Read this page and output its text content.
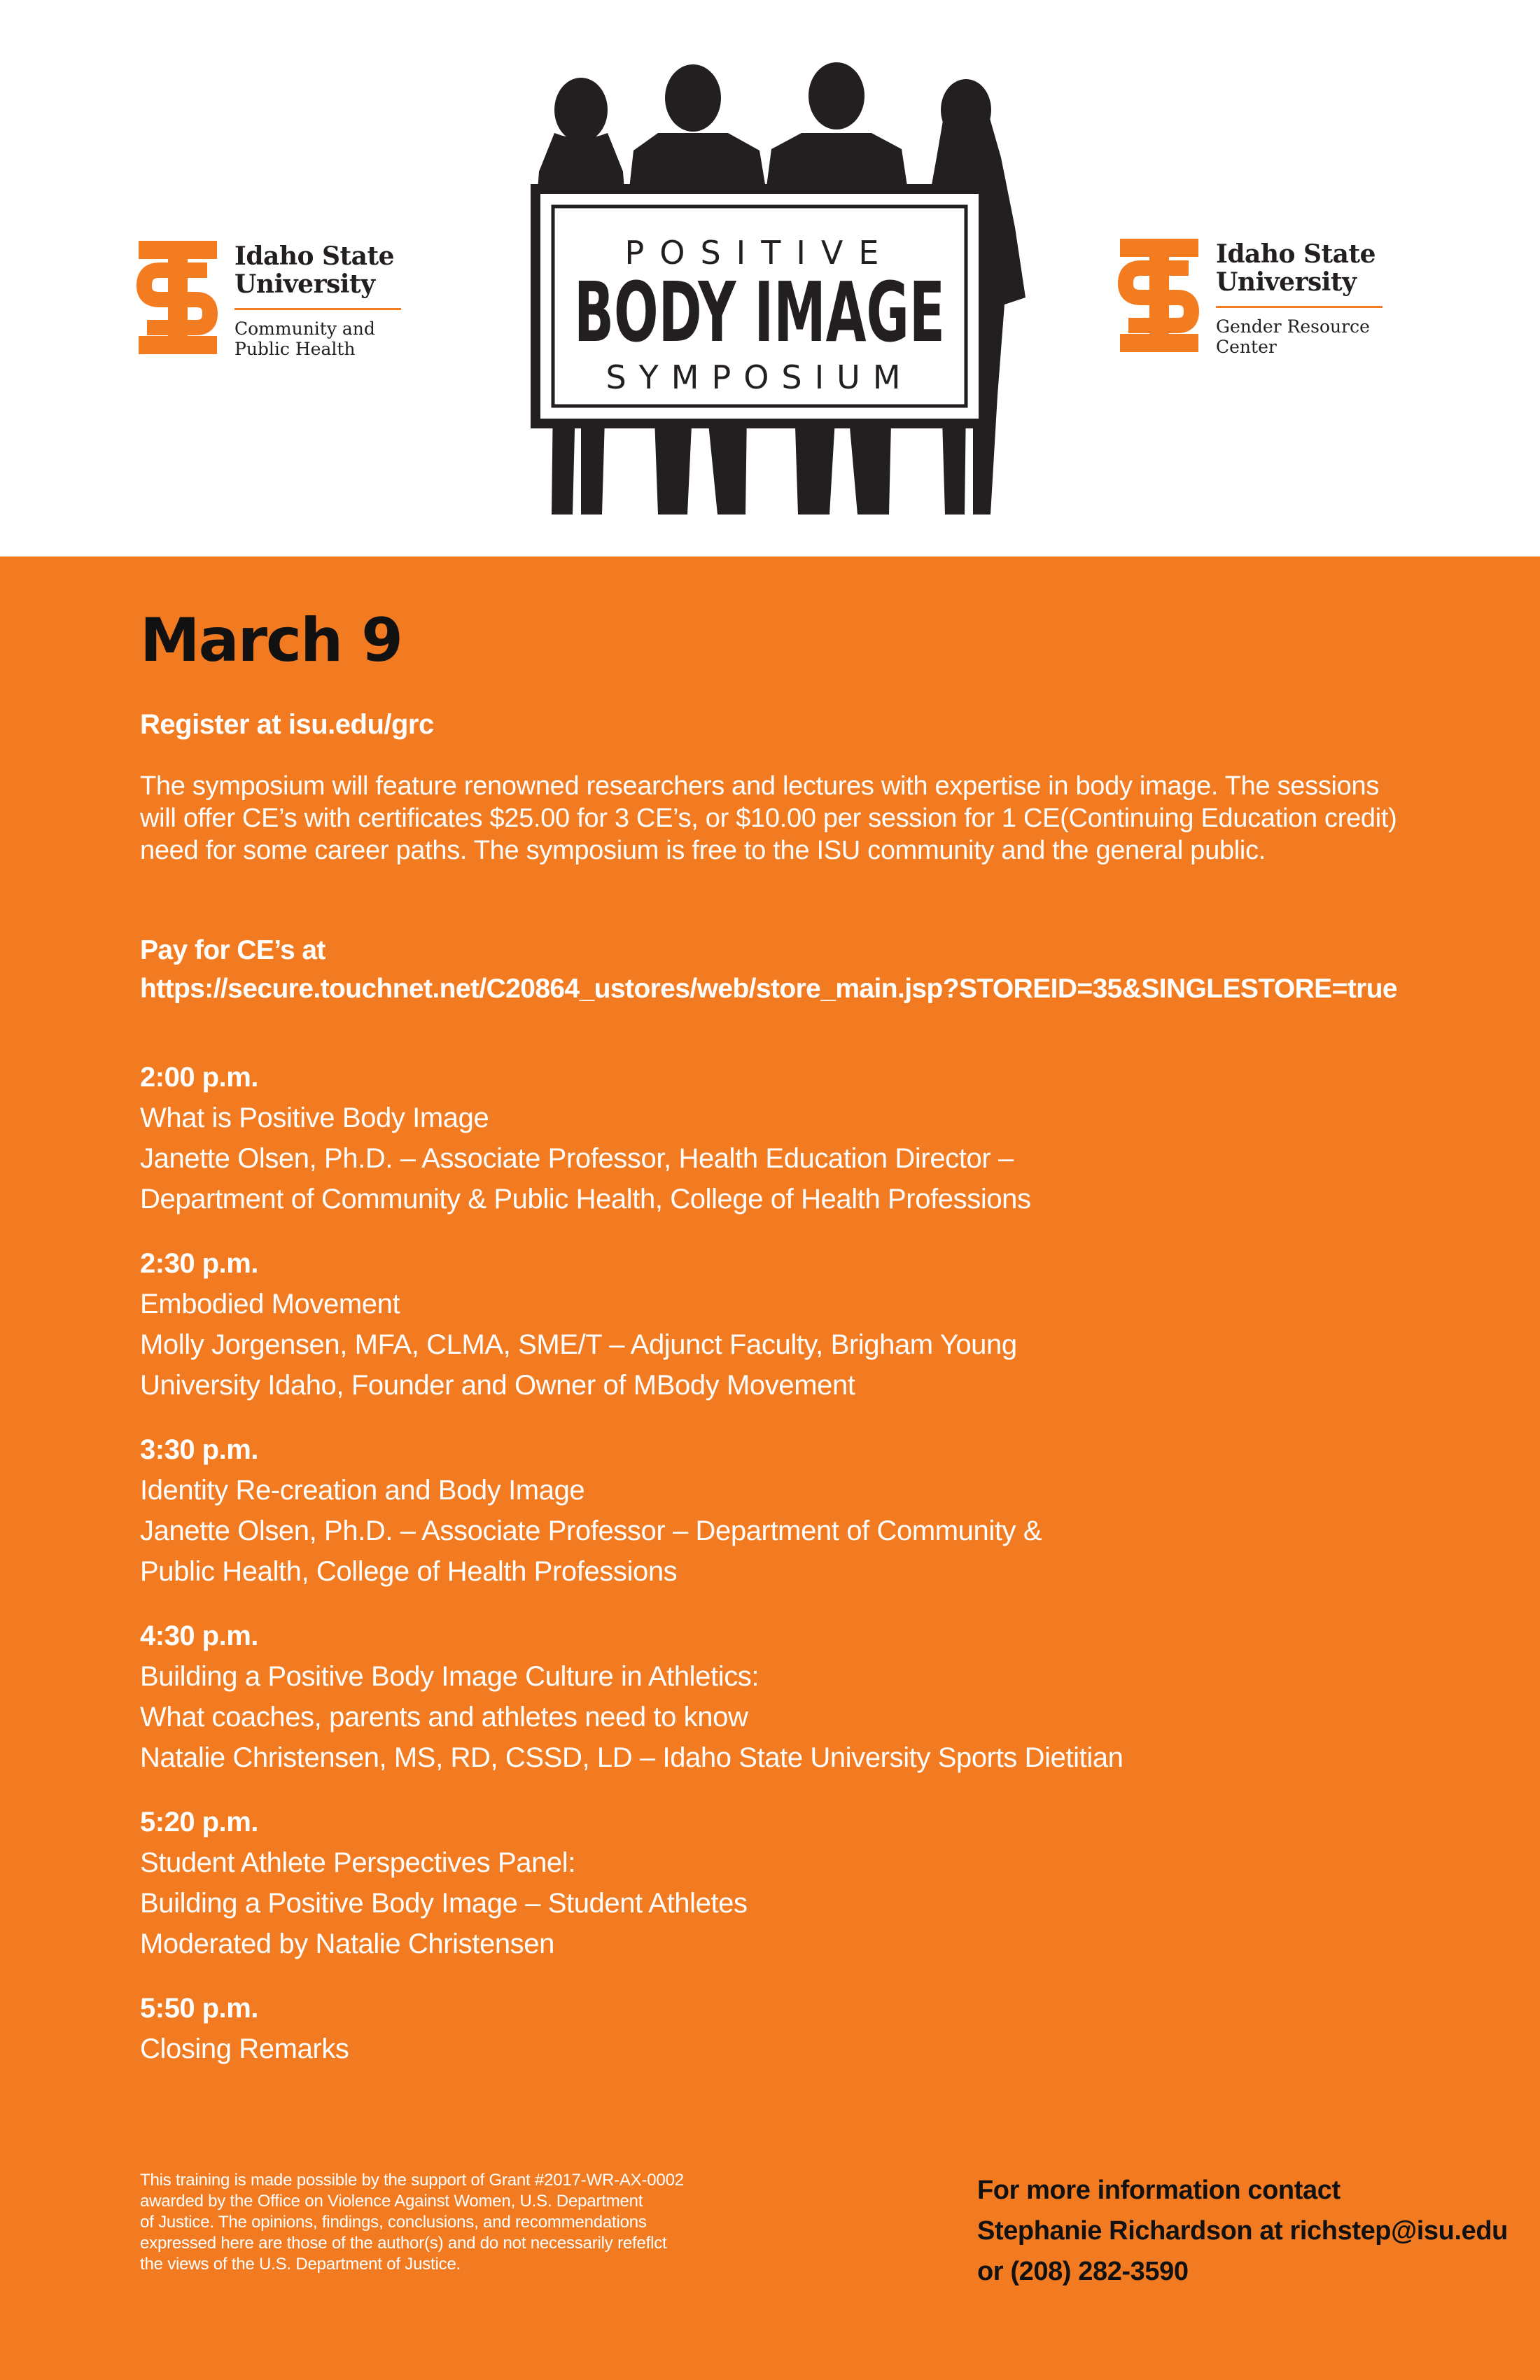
Idaho State
University
Community and
Public Health
Idaho State
University
Gender Resource
Center
POSITIVE
BODY IMAGE
SYMPOSIUM
March 9
Register at isu.edu/grc
The symposium will feature renowned researchers and lectures with expertise in body image. The sessions will offer CE’s with certificates $25.00 for 3 CE’s, or $10.00 per session for 1 CE(Continuing Education credit) need for some career paths. The symposium is free to the ISU community and the general public.
Pay for CE’s at
https://secure.touchnet.net/C20864_ustores/web/store_main.jsp?STOREID=35&SINGLESTORE=true
2:00 p.m.
What is Positive Body Image
Janette Olsen, Ph.D. – Associate Professor, Health Education Director –
Department of Community & Public Health, College of Health Professions
2:30 p.m.
Embodied Movement
Molly Jorgensen, MFA, CLMA, SME/T – Adjunct Faculty, Brigham Young
University Idaho, Founder and Owner of MBody Movement
3:30 p.m.
Identity Re-creation and Body Image
Janette Olsen, Ph.D. – Associate Professor – Department of Community &
Public Health, College of Health Professions
4:30 p.m.
Building a Positive Body Image Culture in Athletics:
What coaches, parents and athletes need to know
Natalie Christensen, MS, RD, CSSD, LD – Idaho State University Sports Dietitian
5:20 p.m.
Student Athlete Perspectives Panel:
Building a Positive Body Image – Student Athletes
Moderated by Natalie Christensen
5:50 p.m.
Closing Remarks
This training is made possible by the support of Grant #2017-WR-AX-0002
awarded by the Office on Violence Against Women, U.S. Department
of Justice. The opinions, findings, conclusions, and recommendations
expressed here are those of the author(s) and do not necessarily refeflct
the views of the U.S. Department of Justice.
For more information contact
Stephanie Richardson at richstep@isu.edu
or (208) 282-3590
